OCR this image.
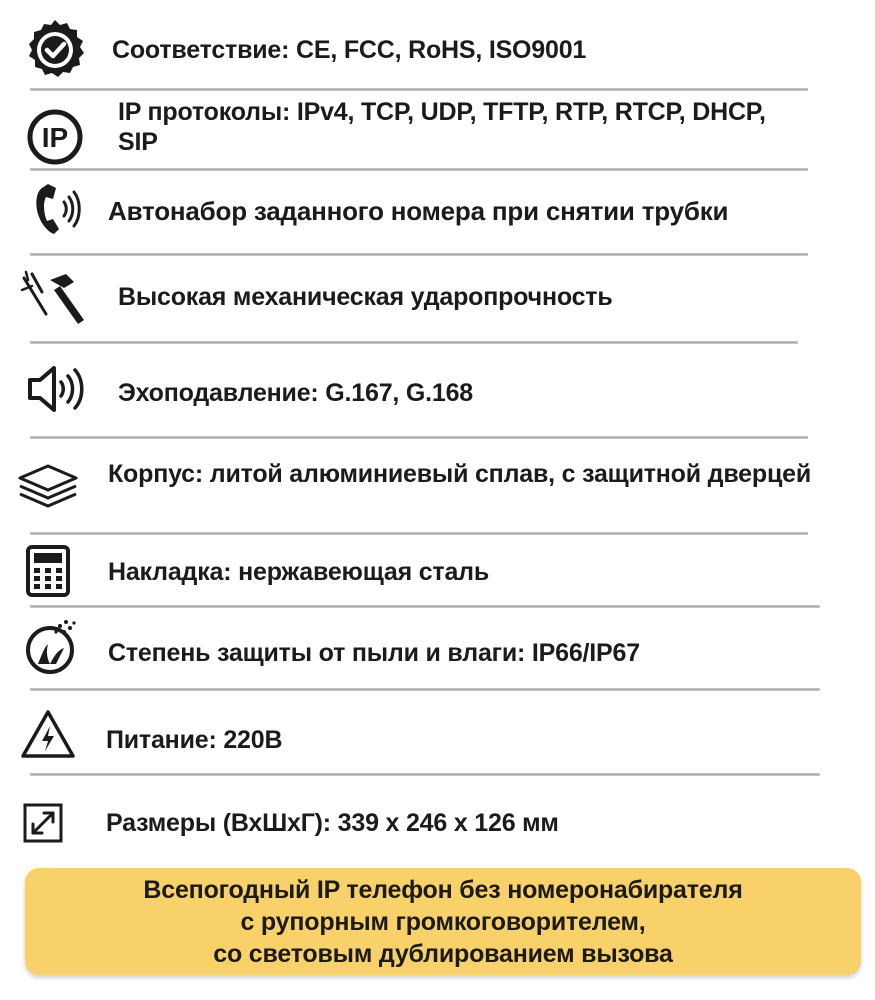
Соответствие: CE, FCC, RoHS, ISO9001
IP
IP протоколы: IPv4, TCP, UDP, TFTP, RTP, RTCP, DHCP, SIP
Автонабор заданного номера при снятии трубки
Высокая механическая ударопрочность
Эхоподавление: G.167, G.168
Корпус: литой алюминиевый сплав, с защитной дверцей
Накладка: нержавеющая сталь
Степень защиты от пыли и влаги: IP66/IP67
Питание: 220В
Размеры (ВхШхГ): 339 х 246 х 126 мм
Всепогодный IP телефон без номеронабирателя
с рупорным громкоговорителем,
со световым дублированием вызова
